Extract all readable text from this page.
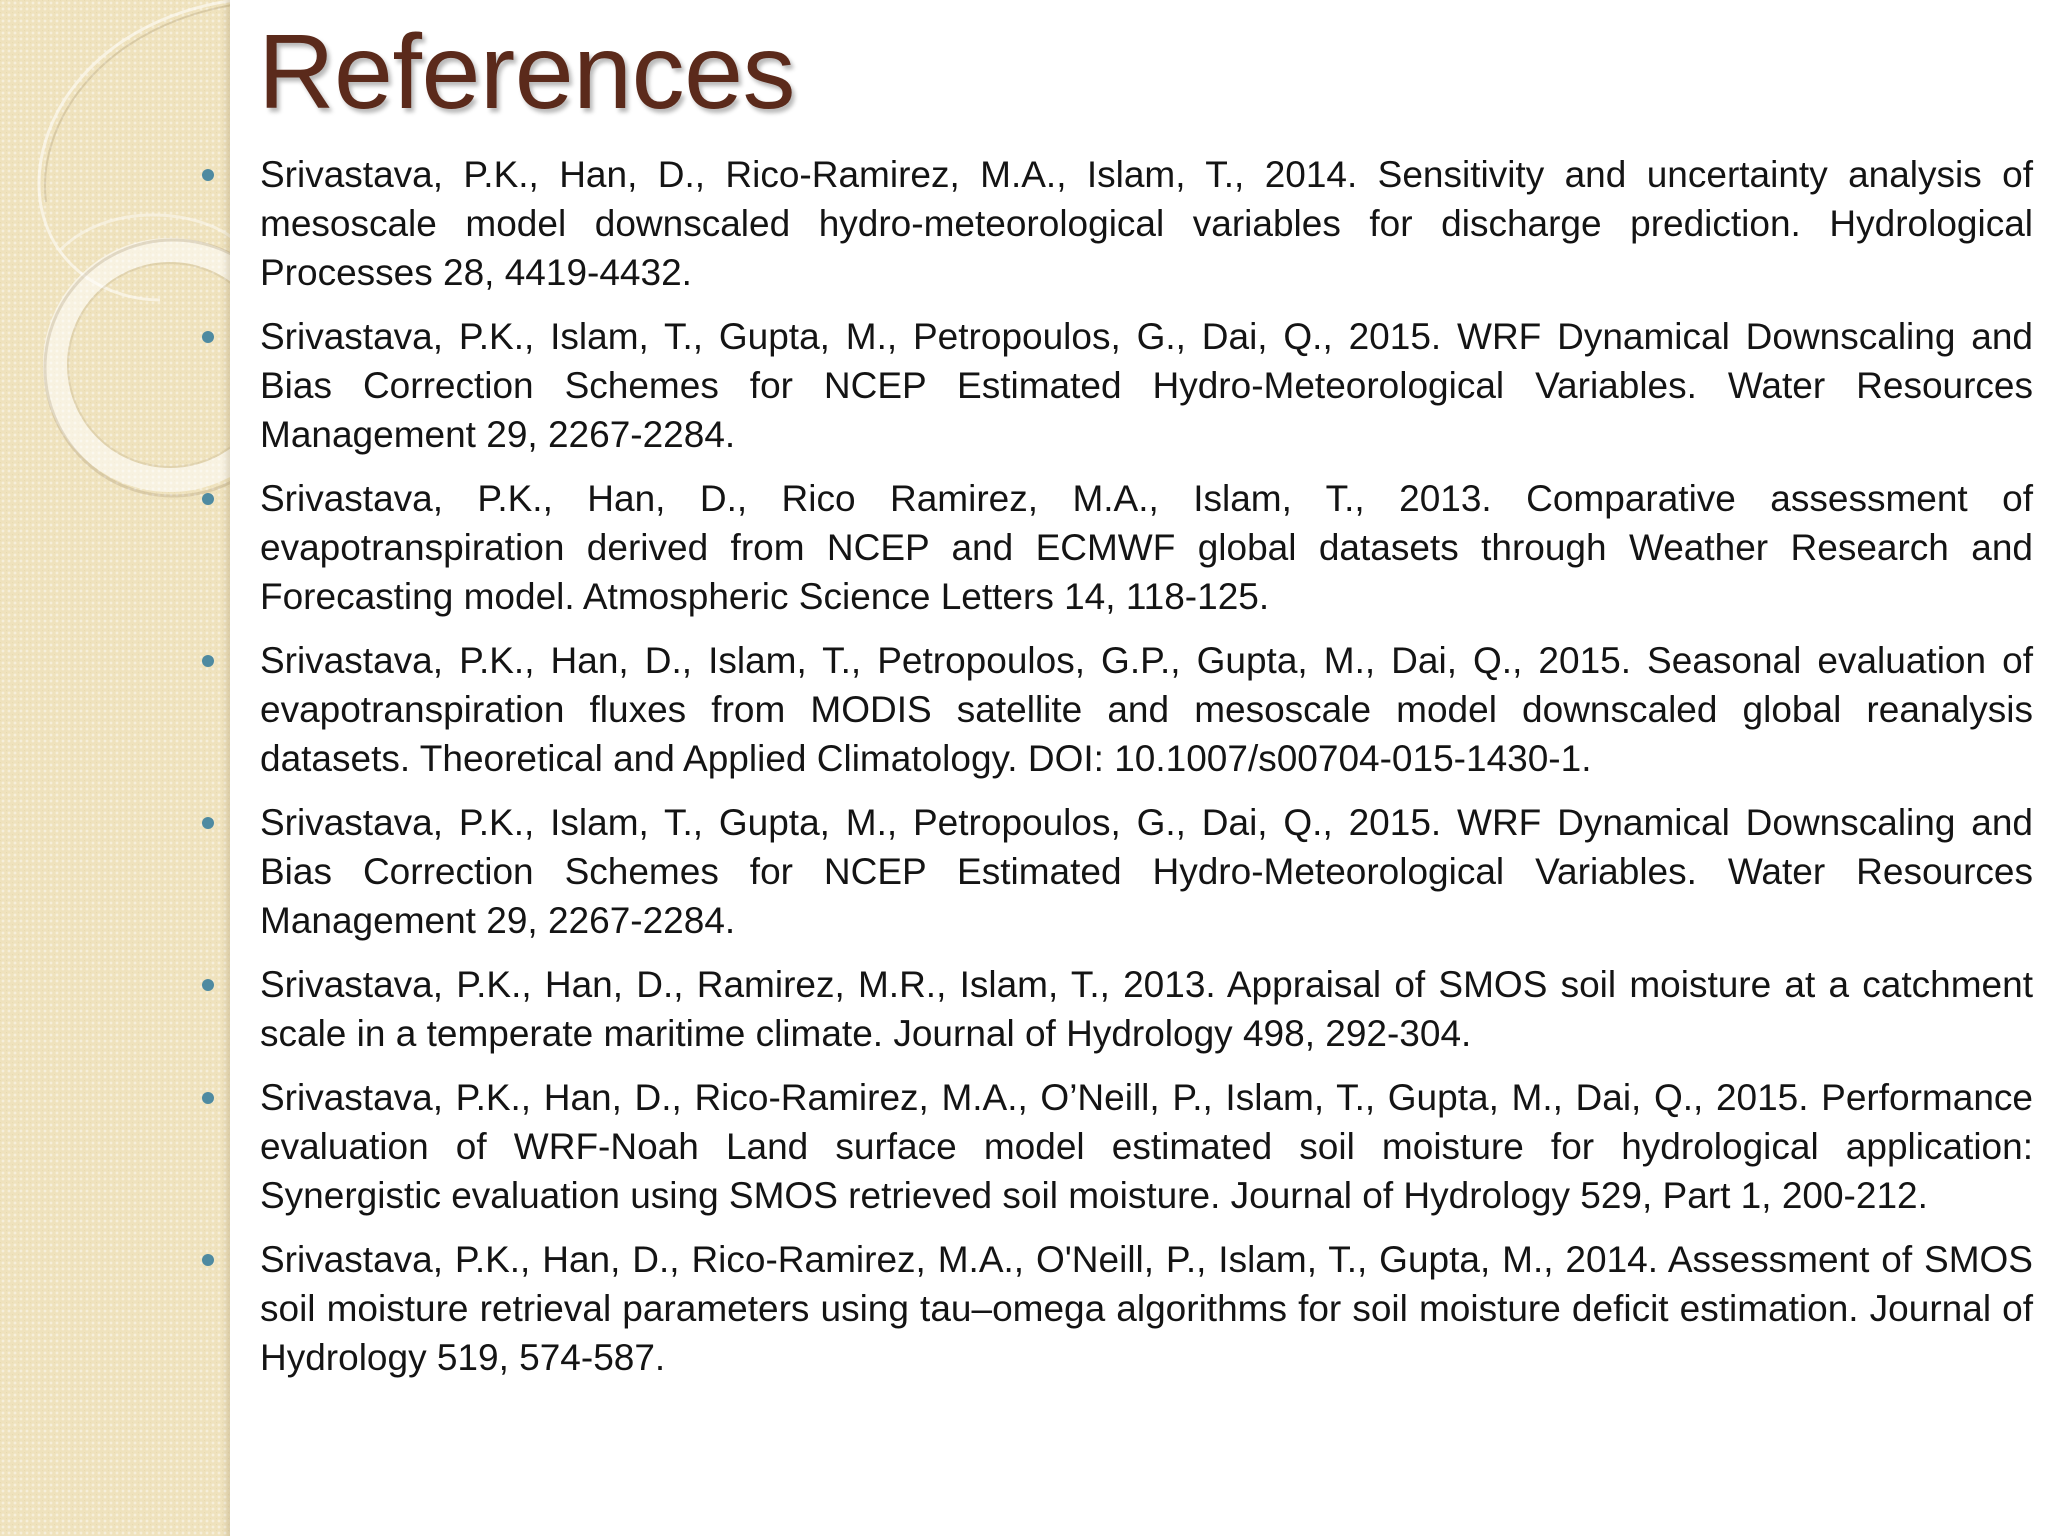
References
Srivastava, P.K., Han, D., Rico-Ramirez, M.A., Islam, T., 2014. Sensitivity and uncertainty analysis of mesoscale model downscaled hydro-meteorological variables for discharge prediction. Hydrological Processes 28, 4419-4432.
Srivastava, P.K., Islam, T., Gupta, M., Petropoulos, G., Dai, Q., 2015. WRF Dynamical Downscaling and Bias Correction Schemes for NCEP Estimated Hydro-Meteorological Variables. Water Resources Management 29, 2267-2284.
Srivastava, P.K., Han, D., Rico Ramirez, M.A., Islam, T., 2013. Comparative assessment of evapotranspiration derived from NCEP and ECMWF global datasets through Weather Research and Forecasting model. Atmospheric Science Letters 14, 118-125.
Srivastava, P.K., Han, D., Islam, T., Petropoulos, G.P., Gupta, M., Dai, Q., 2015. Seasonal evaluation of evapotranspiration fluxes from MODIS satellite and mesoscale model downscaled global reanalysis datasets. Theoretical and Applied Climatology. DOI: 10.1007/s00704-015-1430-1.
Srivastava, P.K., Islam, T., Gupta, M., Petropoulos, G., Dai, Q., 2015. WRF Dynamical Downscaling and Bias Correction Schemes for NCEP Estimated Hydro-Meteorological Variables. Water Resources Management 29, 2267-2284.
Srivastava, P.K., Han, D., Ramirez, M.R., Islam, T., 2013. Appraisal of SMOS soil moisture at a catchment scale in a temperate maritime climate. Journal of Hydrology 498, 292-304.
Srivastava, P.K., Han, D., Rico-Ramirez, M.A., O’Neill, P., Islam, T., Gupta, M., Dai, Q., 2015. Performance evaluation of WRF-Noah Land surface model estimated soil moisture for hydrological application: Synergistic evaluation using SMOS retrieved soil moisture. Journal of Hydrology 529, Part 1, 200-212.
Srivastava, P.K., Han, D., Rico-Ramirez, M.A., O'Neill, P., Islam, T., Gupta, M., 2014. Assessment of SMOS soil moisture retrieval parameters using tau–omega algorithms for soil moisture deficit estimation. Journal of Hydrology 519, 574-587.
